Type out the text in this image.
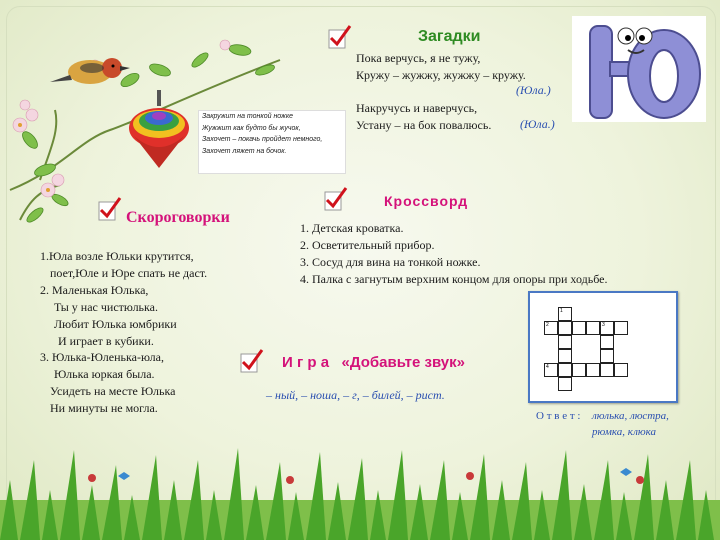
Закружит на тонкой ножке
Жужжит как будто бы жучок,
Захочет – покачь пройдет немного,
Захочет ляжет на бочок.
Загадки
Пока верчусь, я не тужу,
Кружу – жужжу, жужжу – кружу.
(Юла.)
Накручусь и наверчусь,
Устану – на бок повалюсь. (Юла.)
Скороговорки
1.Юла возле Юльки крутится,
поет,Юле и Юре спать не даст.
2. Маленькая Юлька,
Ты у нас чистюлька.
Любит Юлька юмбрики
И играет в кубики.
3. Юлька-Юленька-юла,
Юлька юркая была.
Усидеть на месте Юлька
Ни минуты не могла.
Кроссворд
1. Детская кроватка.
2. Осветительный прибор.
3. Сосуд для вина на тонкой ножке.
4. Палка с загнутым верхним концом для опоры при ходьбе.
1
2	3
4
И г р а   «Добавьте звук»
– ный, – ноша, – г, – билей, – рист.
О т в е т : люлька, люстра,
рюмка, клюка
